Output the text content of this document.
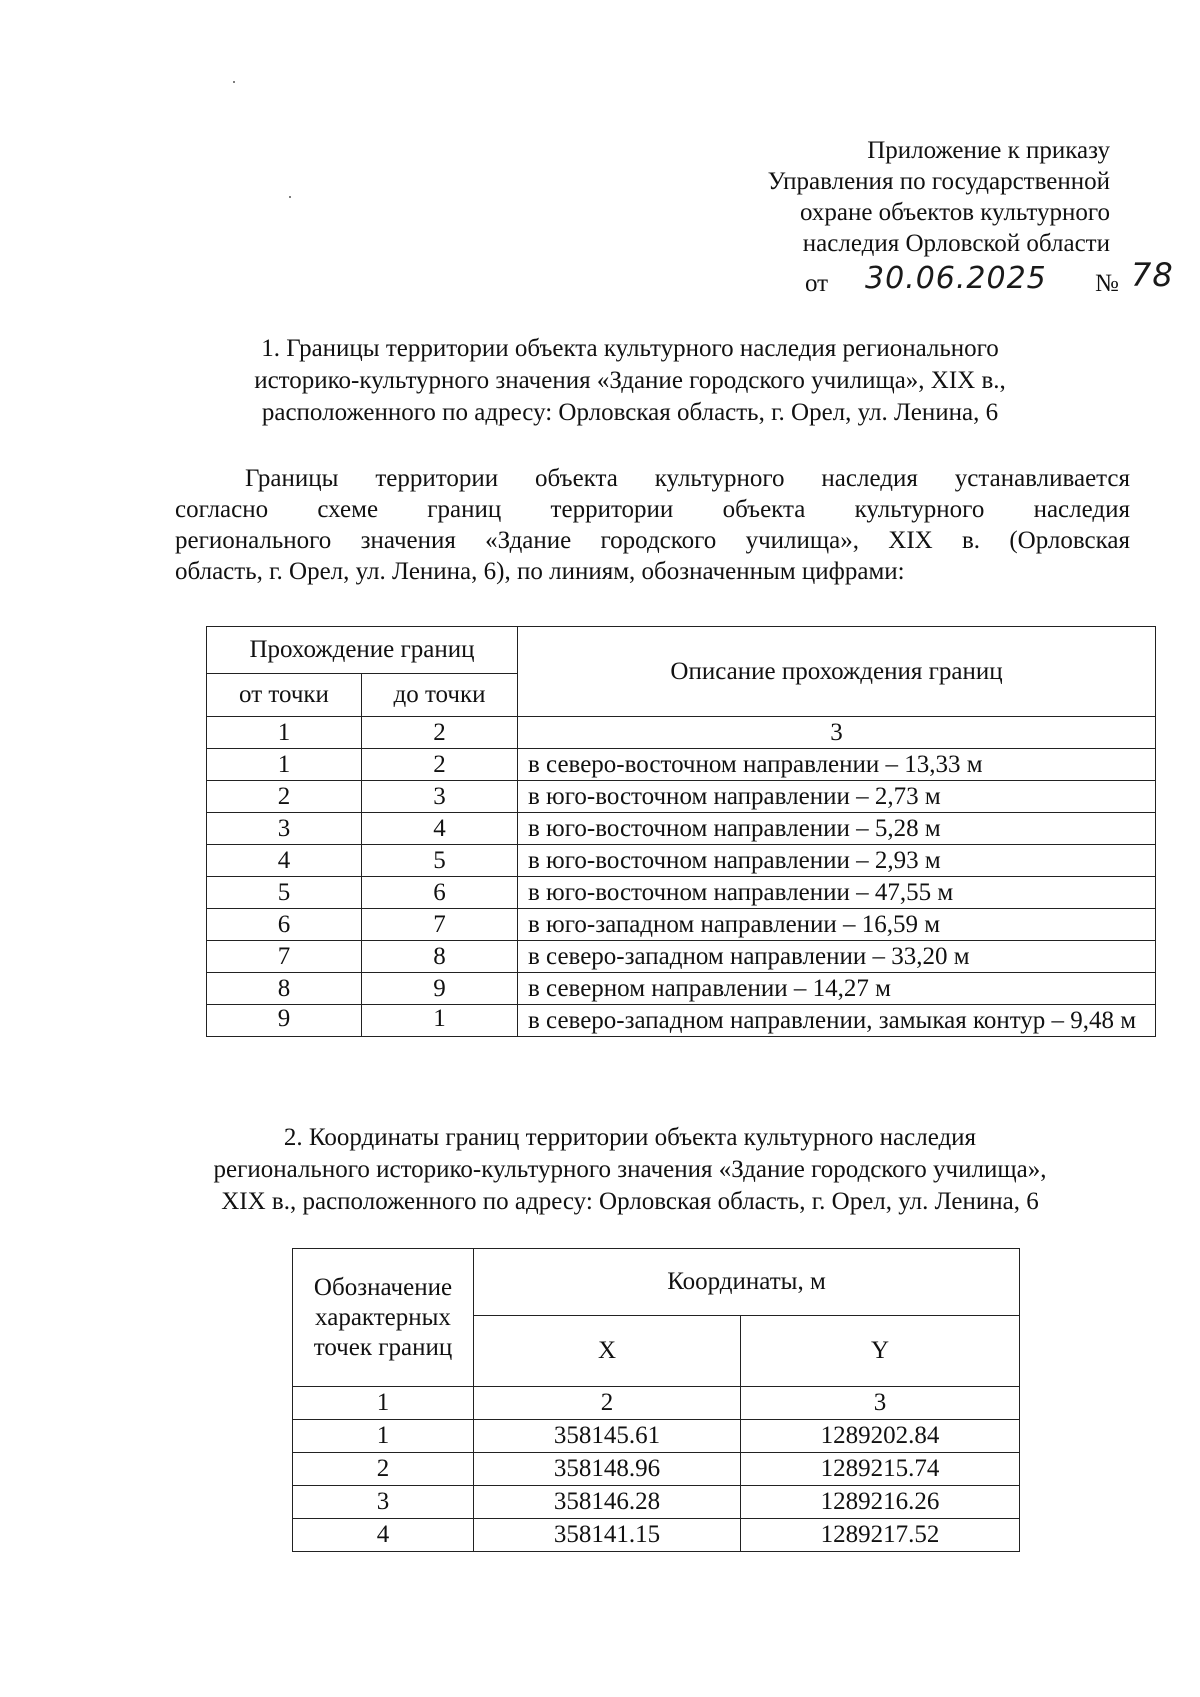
Приложение к приказу
Управления по государственной
охране объектов культурного
наследия Орловской области
от 30.06.2025 № 78
1. Границы территории объекта культурного наследия регионального
историко-культурного значения «Здание городского училища», XIX в.,
расположенного по адресу: Орловская область, г. Орел, ул. Ленина, 6
Границы территории объекта культурного наследия устанавливается
согласно схеме границ территории объекта культурного наследия
регионального значения «Здание городского училища», XIX в. (Орловская
область, г. Орел, ул. Ленина, 6), по линиям, обозначенным цифрами:
Прохождение границ		Описание прохождения границ
от точки	до точки	
1	2	3
1	2	в северо-восточном направлении – 13,33 м
2	3	в юго-восточном направлении – 2,73 м
3	4	в юго-восточном направлении – 5,28 м
4	5	в юго-восточном направлении – 2,93 м
5	6	в юго-восточном направлении – 47,55 м
6	7	в юго-западном направлении – 16,59 м
7	8	в северо-западном направлении – 33,20 м
8	9	в северном направлении – 14,27 м
9	1	в северо-западном направлении, замыкая контур – 9,48 м
2. Координаты границ территории объекта культурного наследия
регионального историко-культурного значения «Здание городского училища»,
XIX в., расположенного по адресу: Орловская область, г. Орел, ул. Ленина, 6
Обозначение характерных точек границ	Координаты, м	
	X	Y
1	2	3
1	358145.61	1289202.84
2	358148.96	1289215.74
3	358146.28	1289216.26
4	358141.15	1289217.52
